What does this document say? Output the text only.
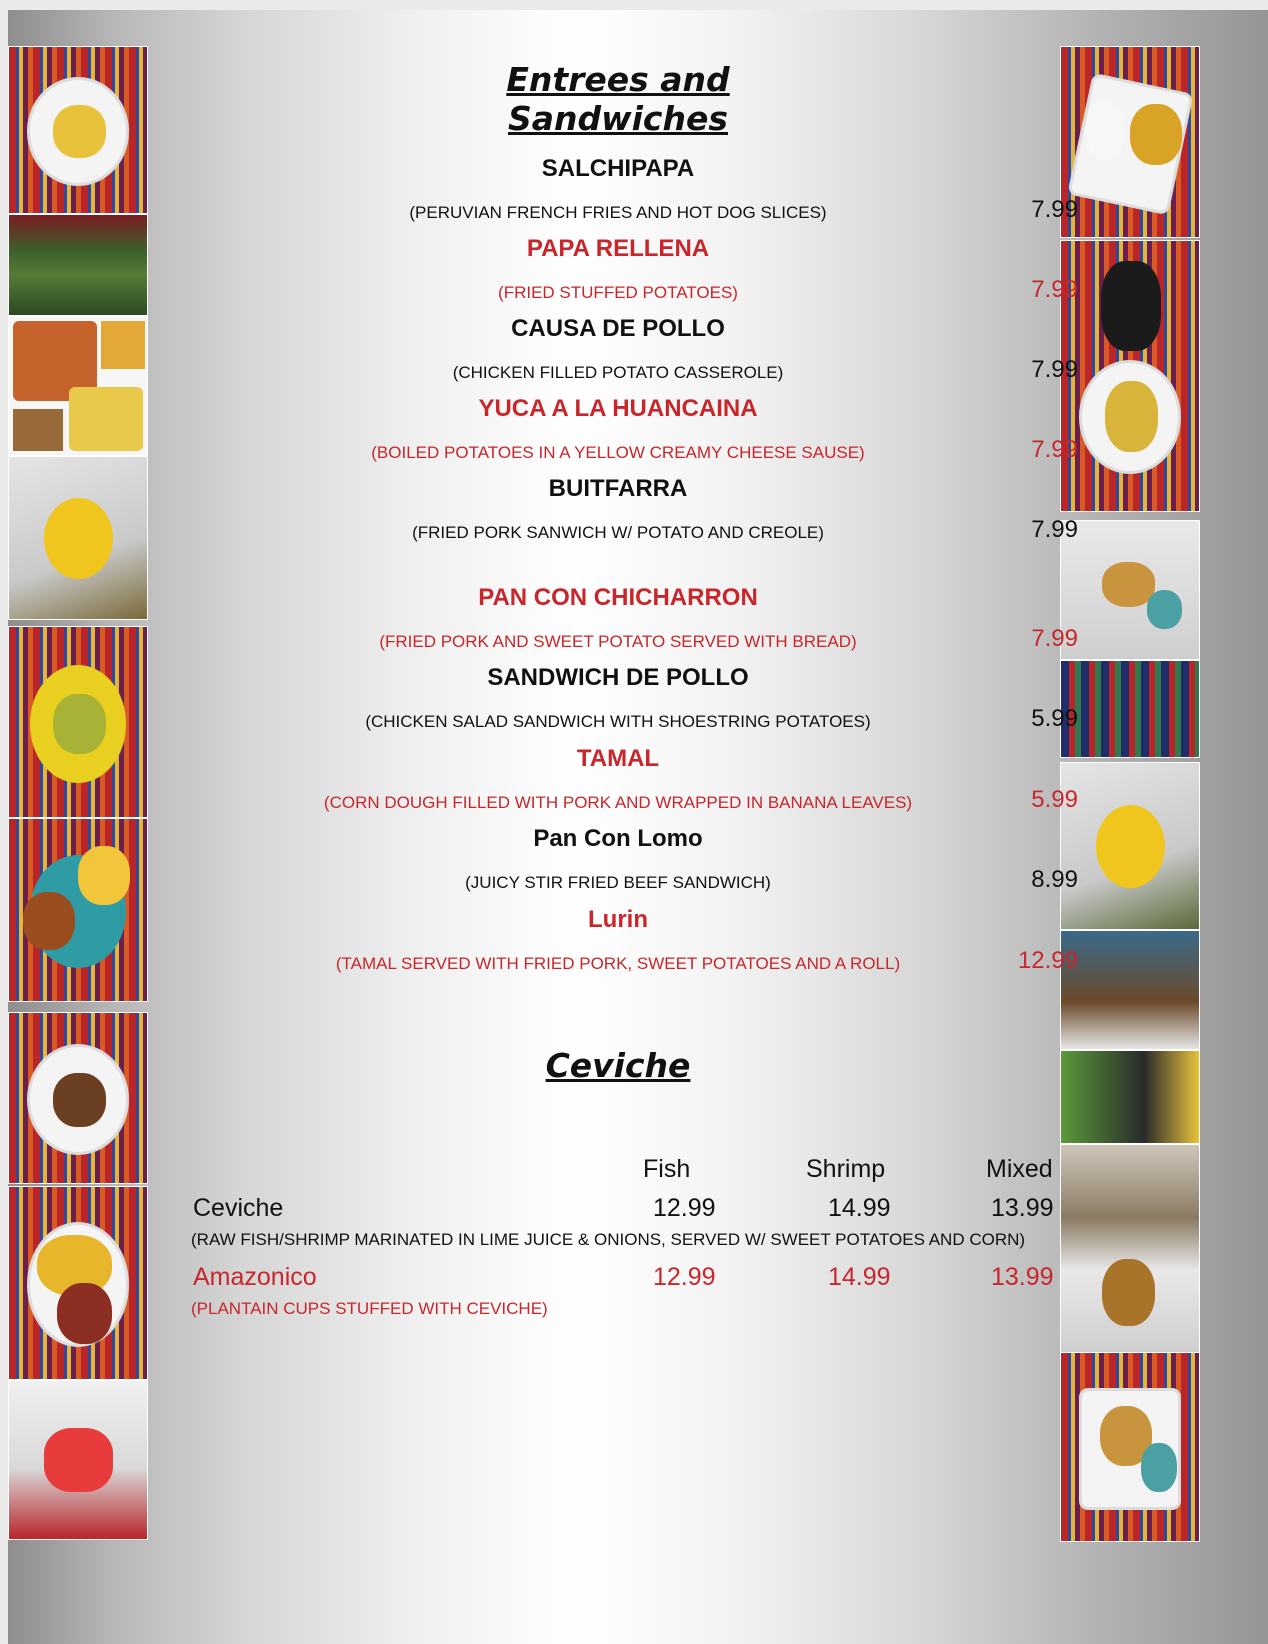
Entrees and Sandwiches
SALCHIPAPA
(PERUVIAN FRENCH FRIES AND HOT DOG SLICES)	7.99
PAPA RELLENA
(FRIED STUFFED POTATOES)	7.99
CAUSA DE POLLO
(CHICKEN FILLED POTATO CASSEROLE)	7.99
YUCA A LA HUANCAINA
(BOILED POTATOES IN A YELLOW CREAMY CHEESE SAUSE)	7.99
BUITFARRA
(FRIED PORK SANWICH W/ POTATO AND CREOLE)	7.99
PAN CON CHICHARRON
(FRIED PORK AND SWEET POTATO SERVED WITH BREAD)	7.99
SANDWICH DE POLLO
(CHICKEN SALAD SANDWICH WITH SHOESTRING POTATOES)	5.99
TAMAL
(CORN DOUGH FILLED WITH PORK AND WRAPPED IN BANANA LEAVES)	5.99
Pan Con Lomo
(JUICY STIR FRIED BEEF SANDWICH)	8.99
Lurin
(TAMAL SERVED WITH FRIED PORK, SWEET POTATOES AND A ROLL)	12.99
Ceviche
Fish	Shrimp	Mixed
Ceviche	12.99	14.99	13.99
(RAW FISH/SHRIMP MARINATED IN LIME JUICE & ONIONS, SERVED W/ SWEET POTATOES AND CORN)
Amazonico	12.99	14.99	13.99
(PLANTAIN CUPS STUFFED WITH CEVICHE)
